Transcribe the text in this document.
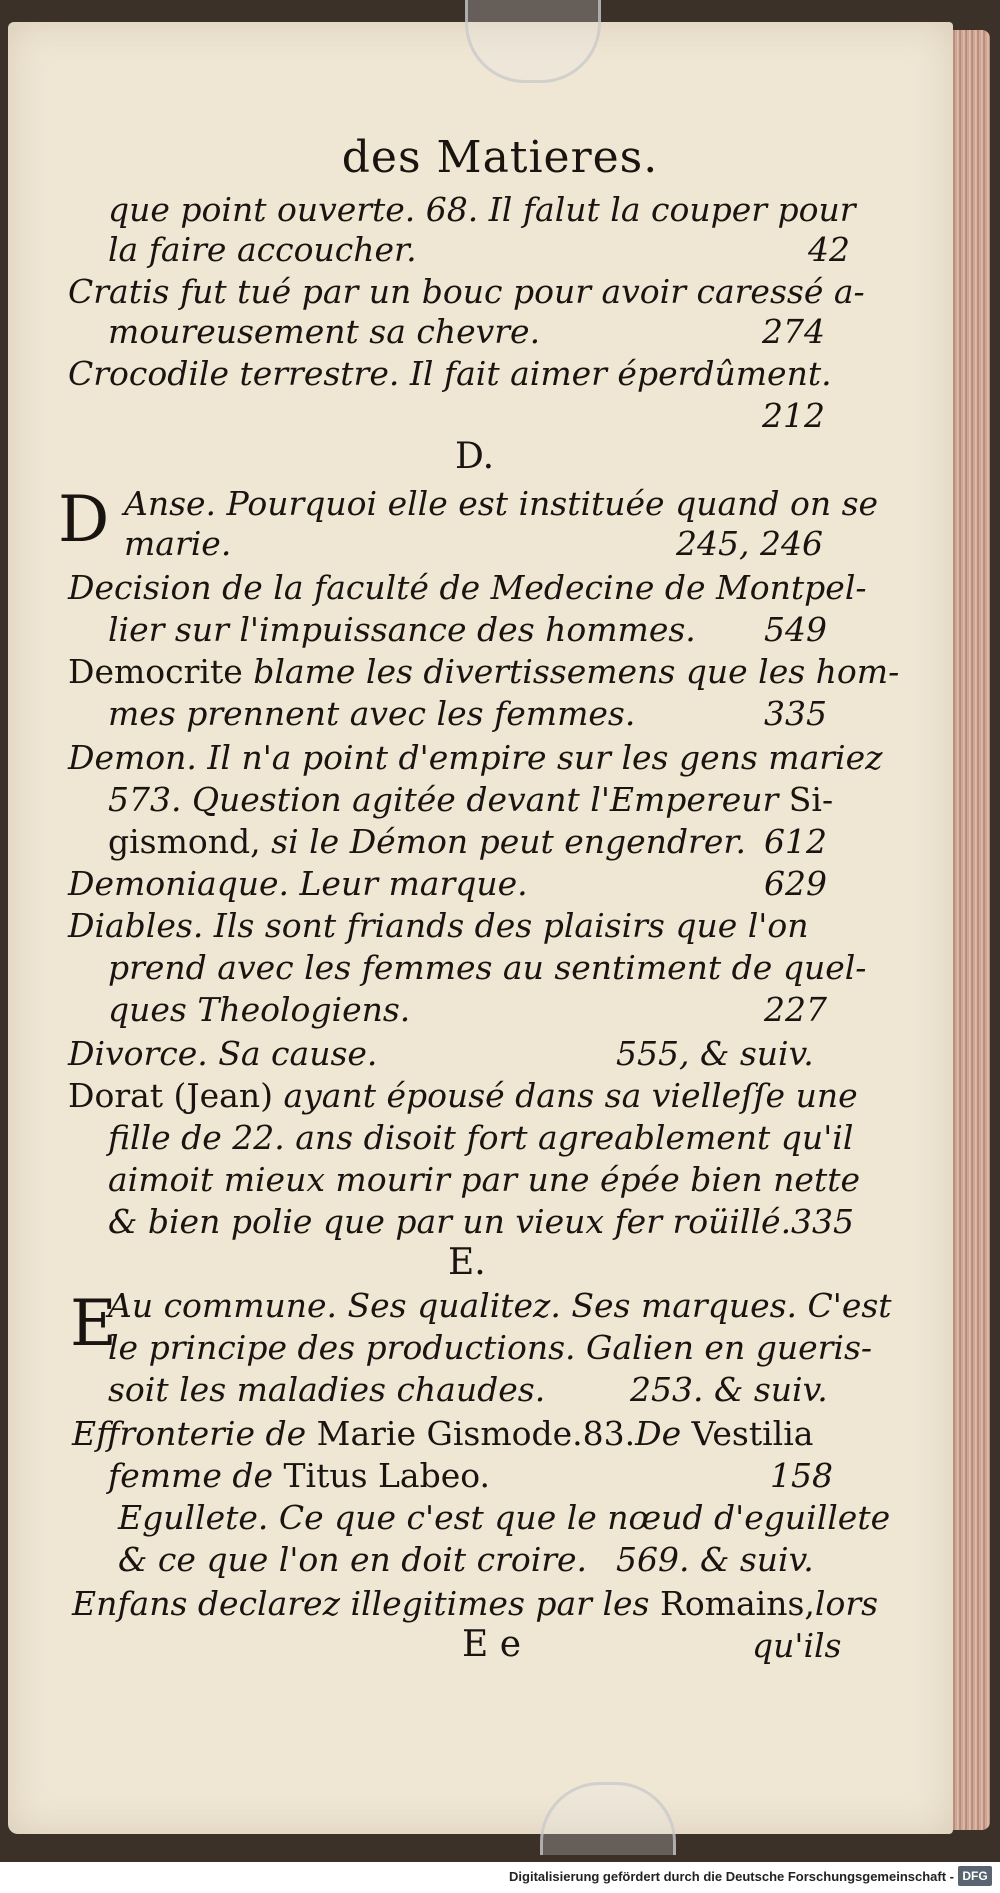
des Matieres.
que point ouverte. 68. Il falut la couper pour
la faire accoucher.	42
Cratis fut tué par un bouc pour avoir caressé a-
moureusement sa chevre.	274
Crocodile terrestre. Il fait aimer éperdûment.
212
D.
D Anse. Pourquoi elle est instituée quand on se
marie.	245, 246
Decision de la faculté de Medecine de Montpel-
lier sur l'impuissance des hommes. 549
Democrite blame les divertissemens que les hom-
mes prennent avec les femmes.	335
Demon. Il n'a point d'empire sur les gens mariez
573. Question agitée devant l'Empereur Si-
gismond, si le Démon peut engendrer. 612
Demoniaque. Leur marque.	629
Diables. Ils sont friands des plaisirs que l'on
prend avec les femmes au sentiment de quel-
ques Theologiens.	227
Divorce. Sa cause.	555, & suiv.
Dorat (Jean) ayant épousé dans sa vielleſſe une
fille de 22. ans disoit fort agreablement qu'il
aimoit mieux mourir par une épée bien nette
& bien polie que par un vieux fer roüillé.335
E.
E
Au commune. Ses qualitez. Ses marques. C'est
le principe des productions. Galien en gueris-
soit les maladies chaudes.	253. & suiv.
Effronterie de Marie Gismode.83.De Vestilia
femme de Titus Labeo.	158
Egullete. Ce que c'est que le nœud d'eguillete
& ce que l'on en doit croire. 569. & suiv.
Enfans declarez illegitimes par les Romains,lors
E e	qu'ils
Digitalisierung gefördert durch die Deutsche Forschungsgemeinschaft - DFG
